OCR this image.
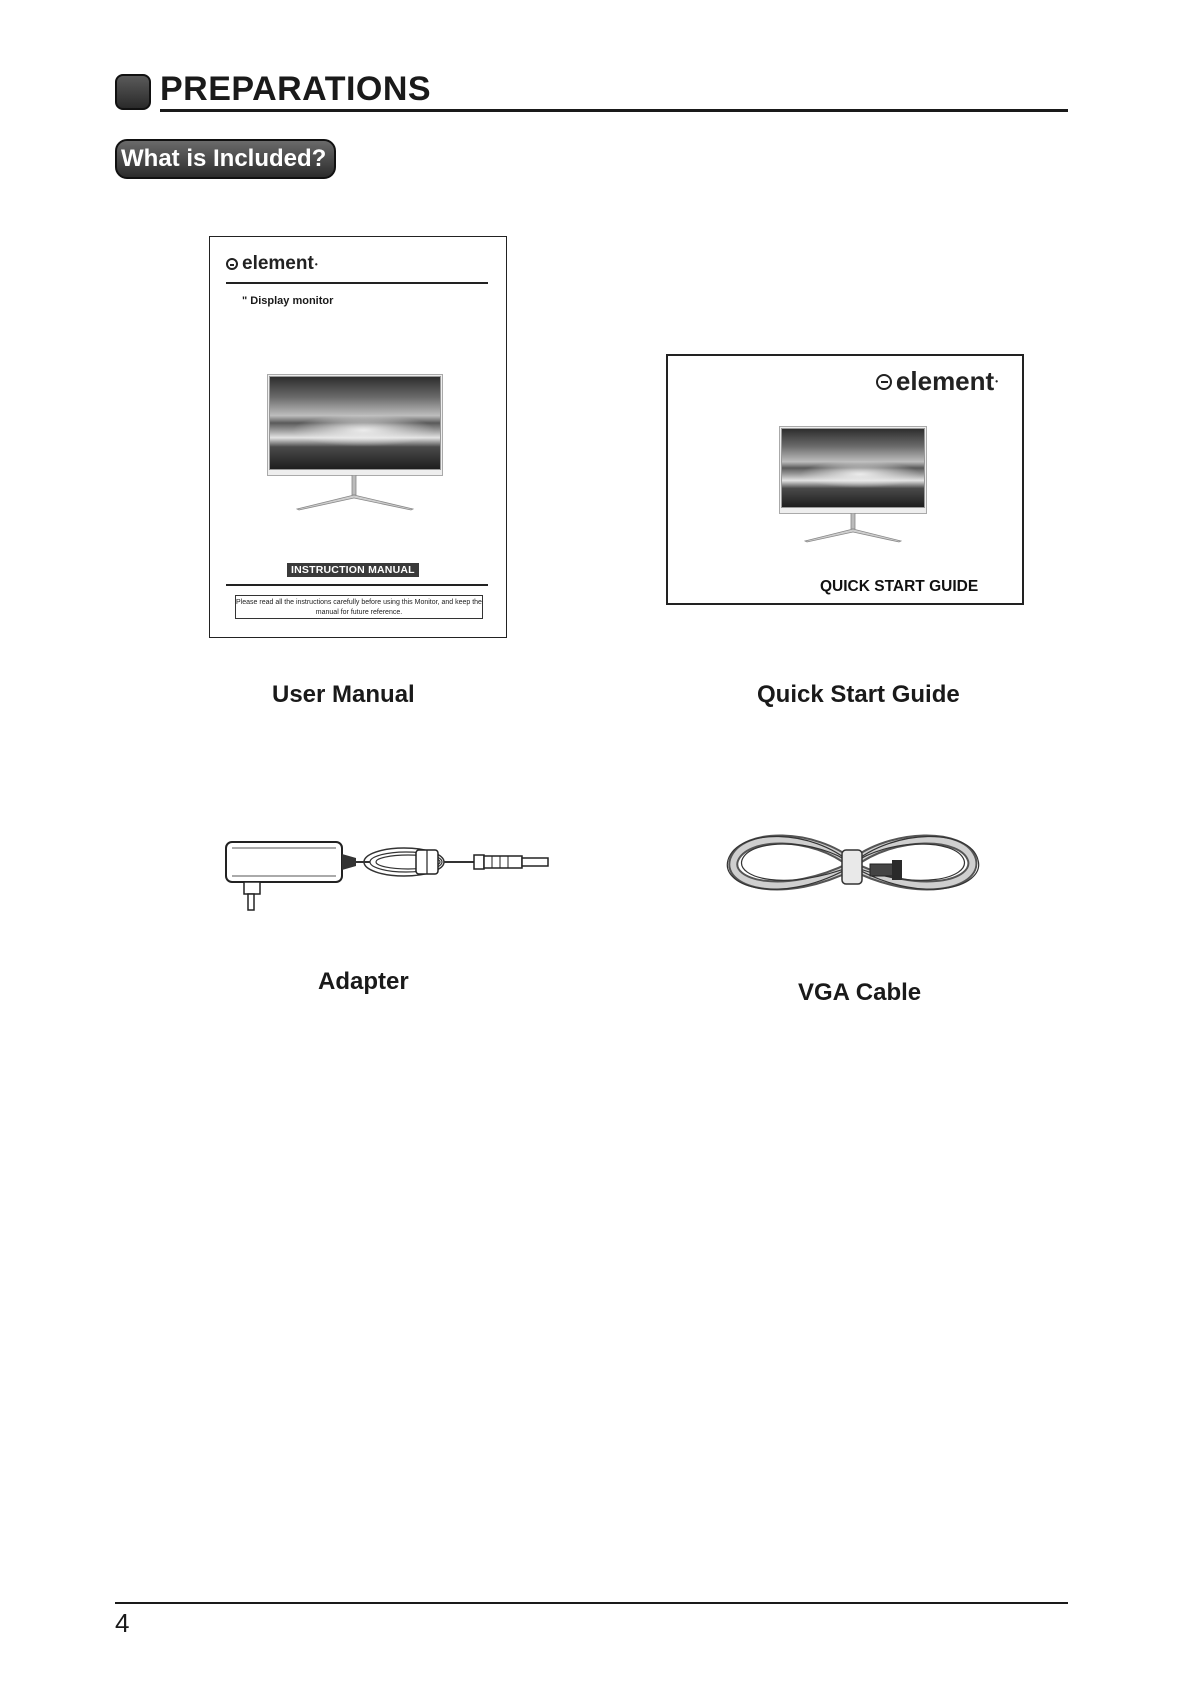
PREPARATIONS
What is Included?
element •
" Display monitor
INSTRUCTION MANUAL
Please read all the instructions carefully before using this Monitor, and keep the manual for future reference.
User Manual
element •
QUICK START GUIDE
Quick Start Guide
Adapter	VGA Cable
4
